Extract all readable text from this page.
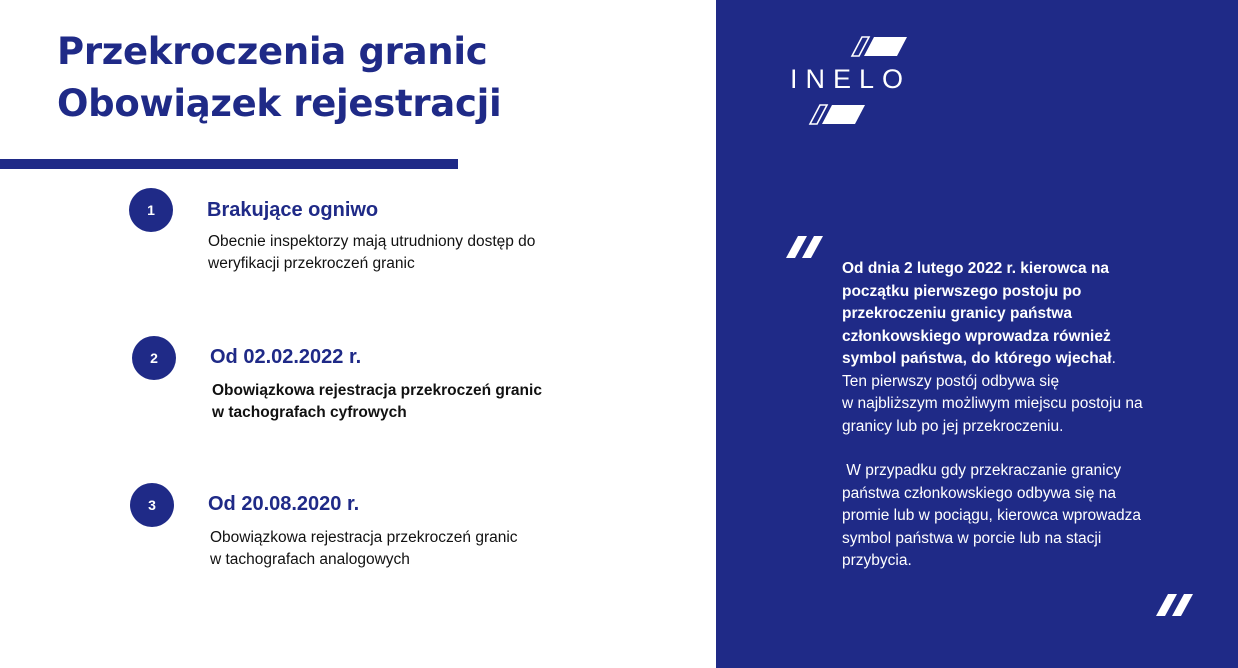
Przekroczenia granic
Obowiązek rejestracji
1	Brakujące ogniwo

Obecnie inspektorzy mają utrudniony dostęp do
weryfikacji przekroczeń granic

2	Od 02.02.2022 r.

Obowiązkowa rejestracja przekroczeń granic
w tachografach cyfrowych

3	Od 20.08.2020 r.

Obowiązkowa rejestracja przekroczeń granic
w tachografach analogowych

INELO

Od dnia 2 lutego 2022 r. kierowca na
początku pierwszego postoju po
przekroczeniu granicy państwa
członkowskiego wprowadza również
symbol państwa, do którego wjechał.
Ten pierwszy postój odbywa się
w najbliższym możliwym miejscu postoju na
granicy lub po jej przekroczeniu.
W przypadku gdy przekraczanie granicy
państwa członkowskiego odbywa się na
promie lub w pociągu, kierowca wprowadza
symbol państwa w porcie lub na stacji
przybycia.
